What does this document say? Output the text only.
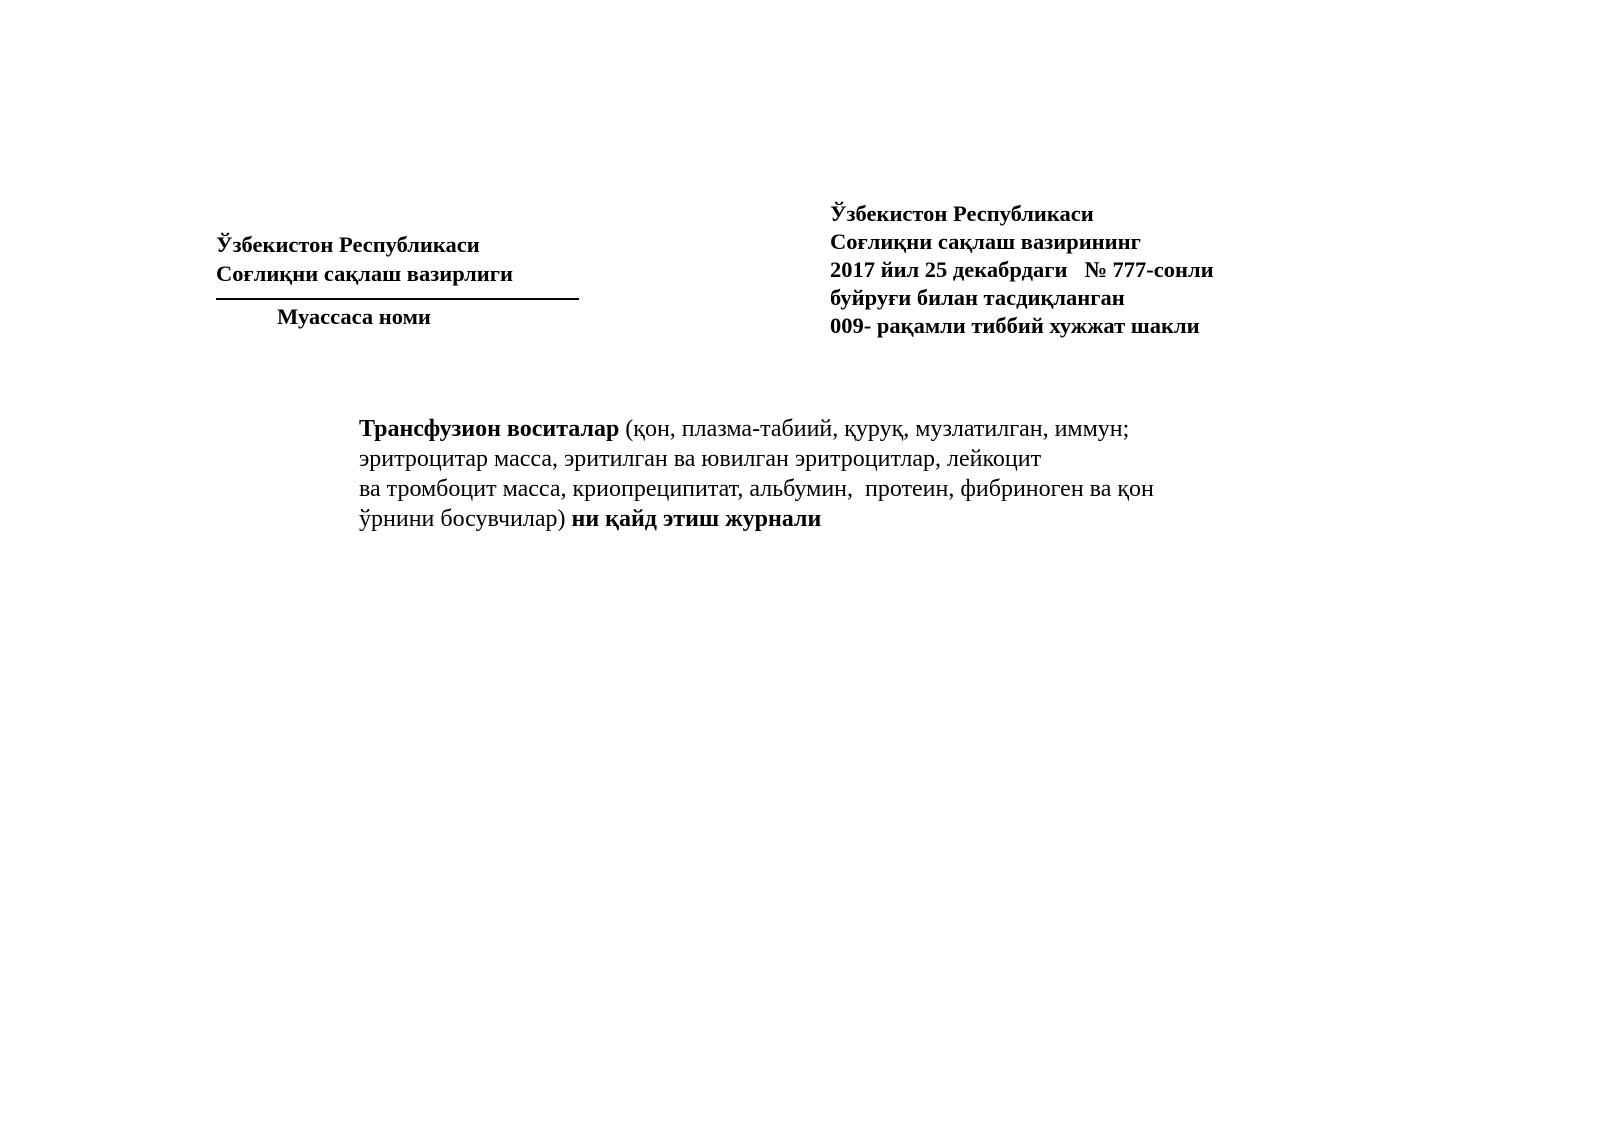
Ўзбекистон Республикаси
Соғлиқни сақлаш вазирлиги
Муассаса номи
Ўзбекистон Республикаси
Соғлиқни сақлаш вазирининг
2017 йил 25 декабрдаги   № 777-сонли
буйруғи билан тасдиқланган
009- рақамли тиббий хужжат шакли
Трансфузион воситалар (қон, плазма-табиий, қуруқ, музлатилган, иммун;
эритроцитар масса, эритилган ва ювилган эритроцитлар, лейкоцит
ва тромбоцит масса, криопреципитат, альбумин,  протеин, фибриноген ва қон
ўрнини босувчилар) ни қайд этиш журнали
